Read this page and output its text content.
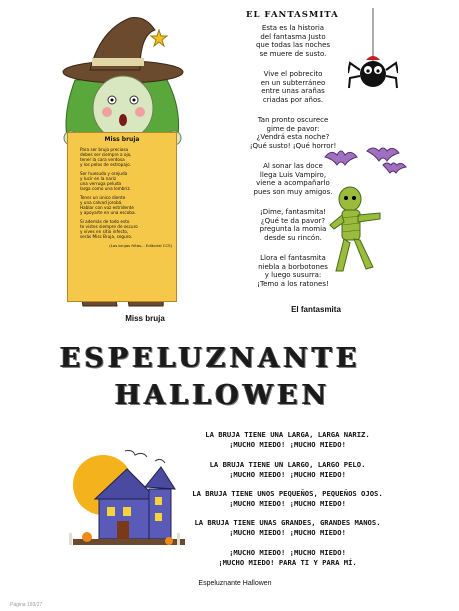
Miss bruja
Para ser bruja preciosa
debes ser siempre a ojo,
tener la cara verdosa
y los pelos de estropajo.
Ser huesuda y orejuda
y lucir en la nariz
una verruga peluda
larga como una lombriz.
Tener un único diente
y una calvad jorobá.
Hablar con voz estridente
y apoyarte en una escoba.
Si además de todo esto
te vistes siempre de oscuro
y vives en sitio infecto,
serás Miss Bruja, seguro.
(Las brujas fritas... Editorial CCS)
Miss bruja
EL FANTASMITA
Esta es la historia
del fantasma Justo
que todas las noches
se muere de susto.
Vive el pobrecito
en un subterráneo
entre unas arañas
criadas por años.
Tan pronto oscurece
gime de pavor:
¿Vendrá esta noche?
¡Qué susto! ¡Qué horror!
Al sonar las doce
llega Luis Vampiro,
viene a acompañarlo
pues son muy amigos.
¡Dime, fantasmita!
¿Qué te da pavor?
pregunta la momia
desde su rincón.
Llora el fantasmita
niebla a borbotones
y luego susurra:
¡Temo a los ratones!
El fantasmita
ESPELUZNANTE
HALLOWEN
LA BRUJA TIENE UNA LARGA, LARGA NARIZ.
¡MUCHO MIEDO! ¡MUCHO MIEDO!
LA BRUJA TIENE UN LARGO, LARGO PELO.
¡MUCHO MIEDO! ¡MUCHO MIEDO!
LA BRUJA TIENE UNOS PEQUEÑOS, PEQUEÑOS OJOS.
¡MUCHO MIEDO! ¡MUCHO MIEDO!
LA BRUJA TIENE UNAS GRANDES, GRANDES MANOS.
¡MUCHO MIEDO! ¡MUCHO MIEDO!
¡MUCHO MIEDO! ¡MUCHO MIEDO!
¡MUCHO MIEDO! PARA TI Y PARA MÍ.
Espeluznante Hallowen
Página 193/27
